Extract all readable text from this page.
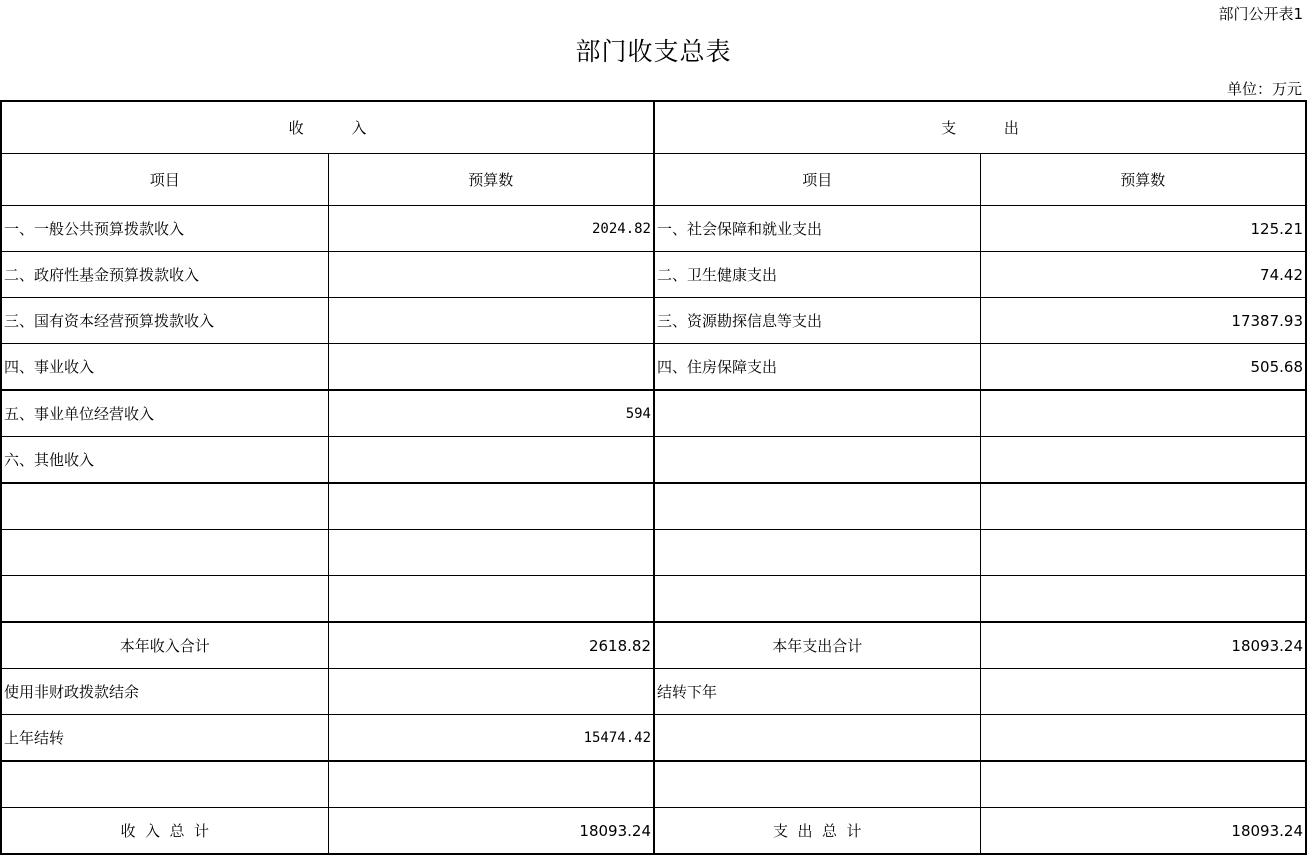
部门公开表1
部门收支总表
单位：万元
收          入		支          出	
项目	预算数	项目	预算数
一、一般公共预算拨款收入	2024.82	一、社会保障和就业支出	125.21
二、政府性基金预算拨款收入		二、卫生健康支出	74.42
三、国有资本经营预算拨款收入		三、资源勘探信息等支出	17387.93
四、事业收入		四、住房保障支出	505.68
五、事业单位经营收入	594		
六、其他收入			

本年收入合计	2618.82	本年支出合计	18093.24
使用非财政拨款结余		结转下年	
上年结转	15474.42		

收  入  总  计	18093.24	支  出  总  计	18093.24
